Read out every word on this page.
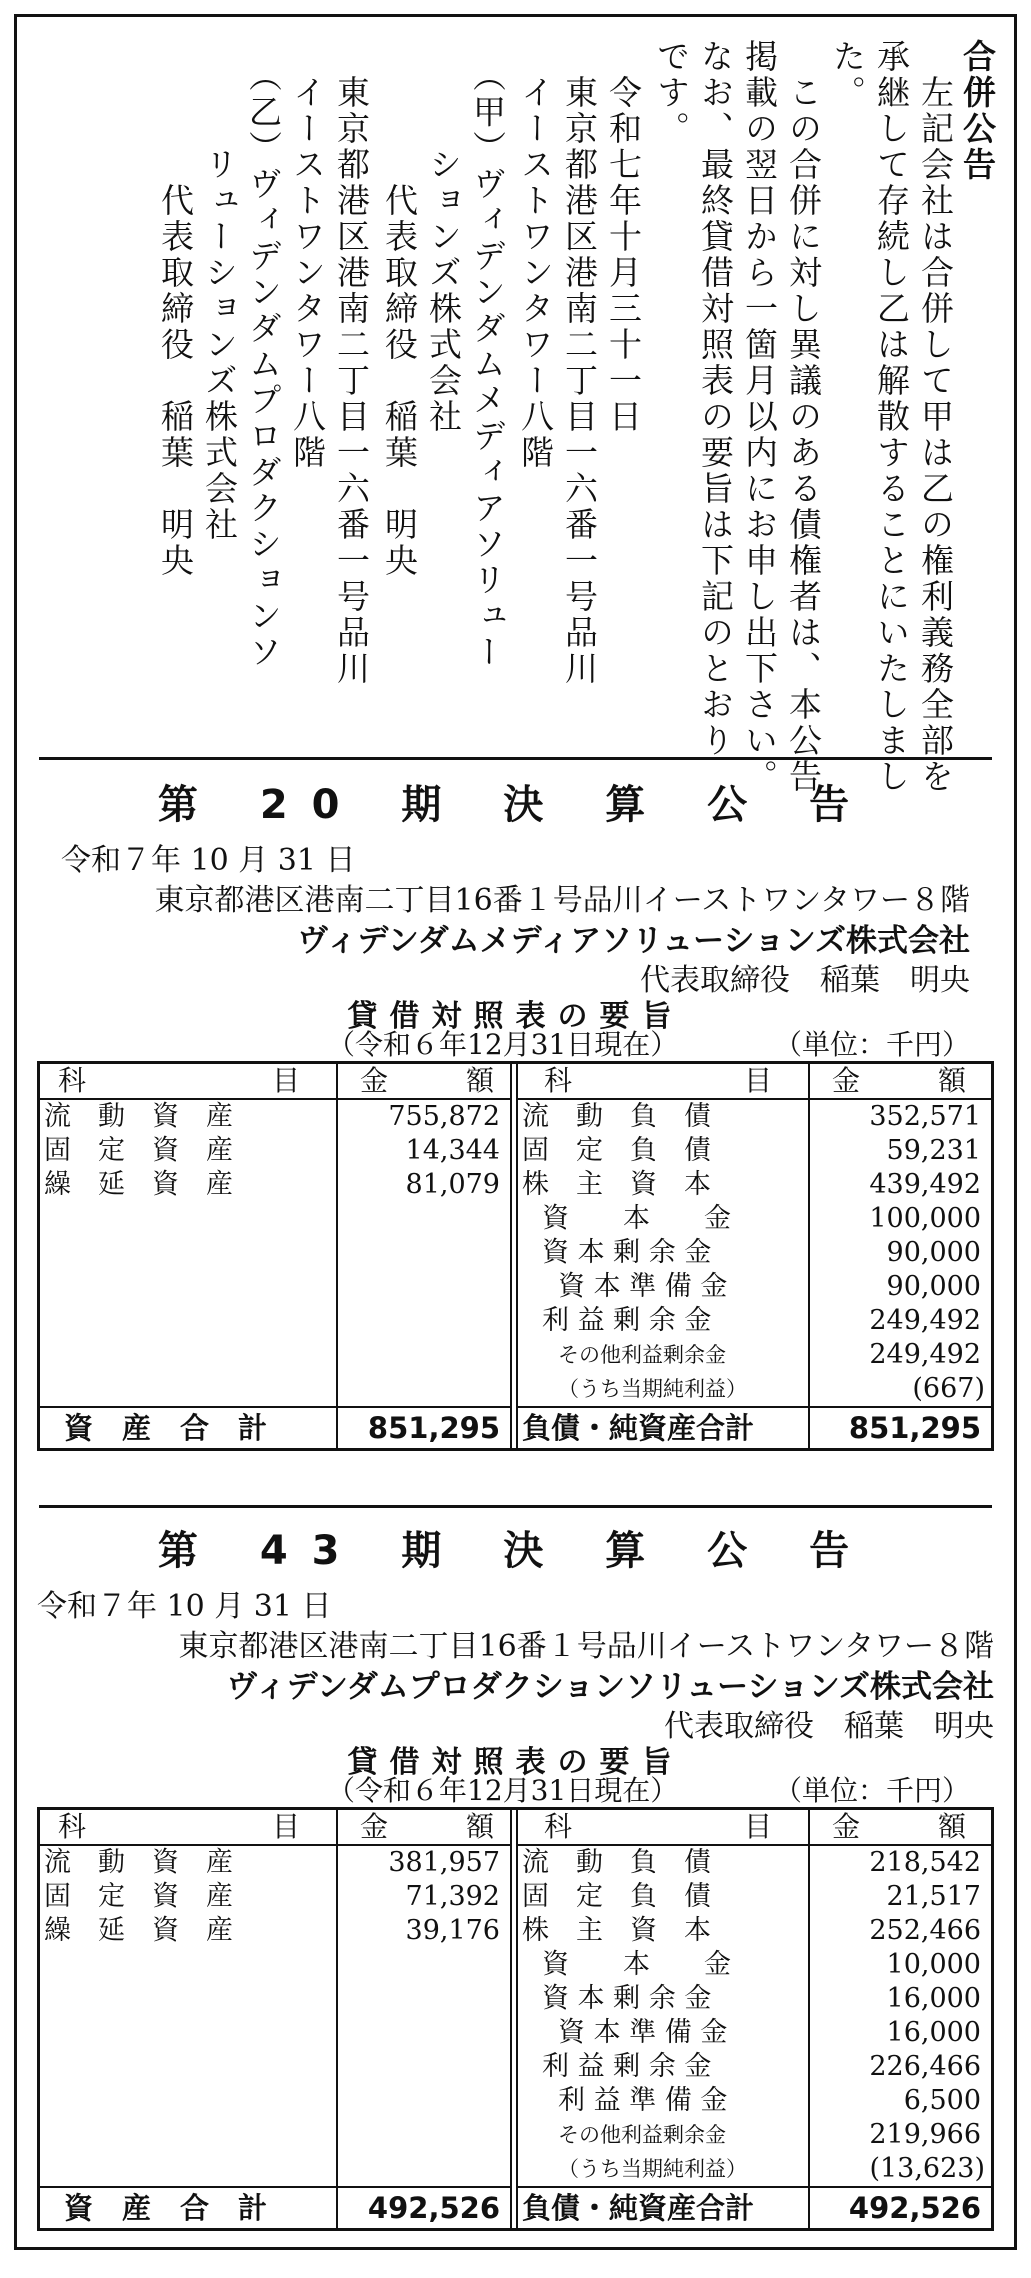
合併公告
　左記会社は合併して甲は乙の権利義務全部を
承継して存続し乙は解散することにいたしまし
た。
　この合併に対し異議のある債権者は、本公告
掲載の翌日から一箇月以内にお申し出下さい。
なお、最終貸借対照表の要旨は下記のとおり
です。
　令和七年十月三十一日
　東京都港区港南二丁目一六番一号品川
　イーストワンタワー八階
　（甲）ヴィデンダムメディアソリュー
　　　ションズ株式会社
　　　　代表取締役　稲葉　明央
　東京都港区港南二丁目一六番一号品川
　イーストワンタワー八階
　（乙）ヴィデンダムプロダクションソ
　　　リューションズ株式会社
　　　　代表取締役　稲葉　明央
第 20 期 決 算 公 告
令和７年 10 月 31 日
東京都港区港南二丁目16番１号品川イーストワンタワー８階
ヴィデンダムメディアソリューションズ株式会社
代表取締役　稲葉　明央
貸借対照表の要旨
（令和６年12月31日現在）	（単位：千円）
科	目 金	額
流　動　資　産	755,872
固　定　資　産	14,344
繰　延　資　産	81,079
資　産　合　計	851,295
科	目 金	額
流　動　負　債	352,571
固　定　負　債	59,231
株　主　資　本	439,492
資　　本　　金	100,000
資 本 剰 余 金	90,000
資 本 準 備 金	90,000
利 益 剰 余 金	249,492
その他利益剰余金	249,492
（うち当期純利益）	(667)
負債・純資産合計	851,295
第 43 期 決 算 公 告
令和７年 10 月 31 日
東京都港区港南二丁目16番１号品川イーストワンタワー８階
ヴィデンダムプロダクションソリューションズ株式会社
代表取締役　稲葉　明央
貸借対照表の要旨
（令和６年12月31日現在）	（単位：千円）
科	目 金	額
流　動　資　産	381,957
固　定　資　産	71,392
繰　延　資　産	39,176
資　産　合　計	492,526
科	目 金	額
流　動　負　債	218,542
固　定　負　債	21,517
株　主　資　本	252,466
資　　本　　金	10,000
資 本 剰 余 金	16,000
資 本 準 備 金	16,000
利 益 剰 余 金	226,466
利 益 準 備 金	6,500
その他利益剰余金	219,966
（うち当期純利益）	(13,623)
負債・純資産合計	492,526
